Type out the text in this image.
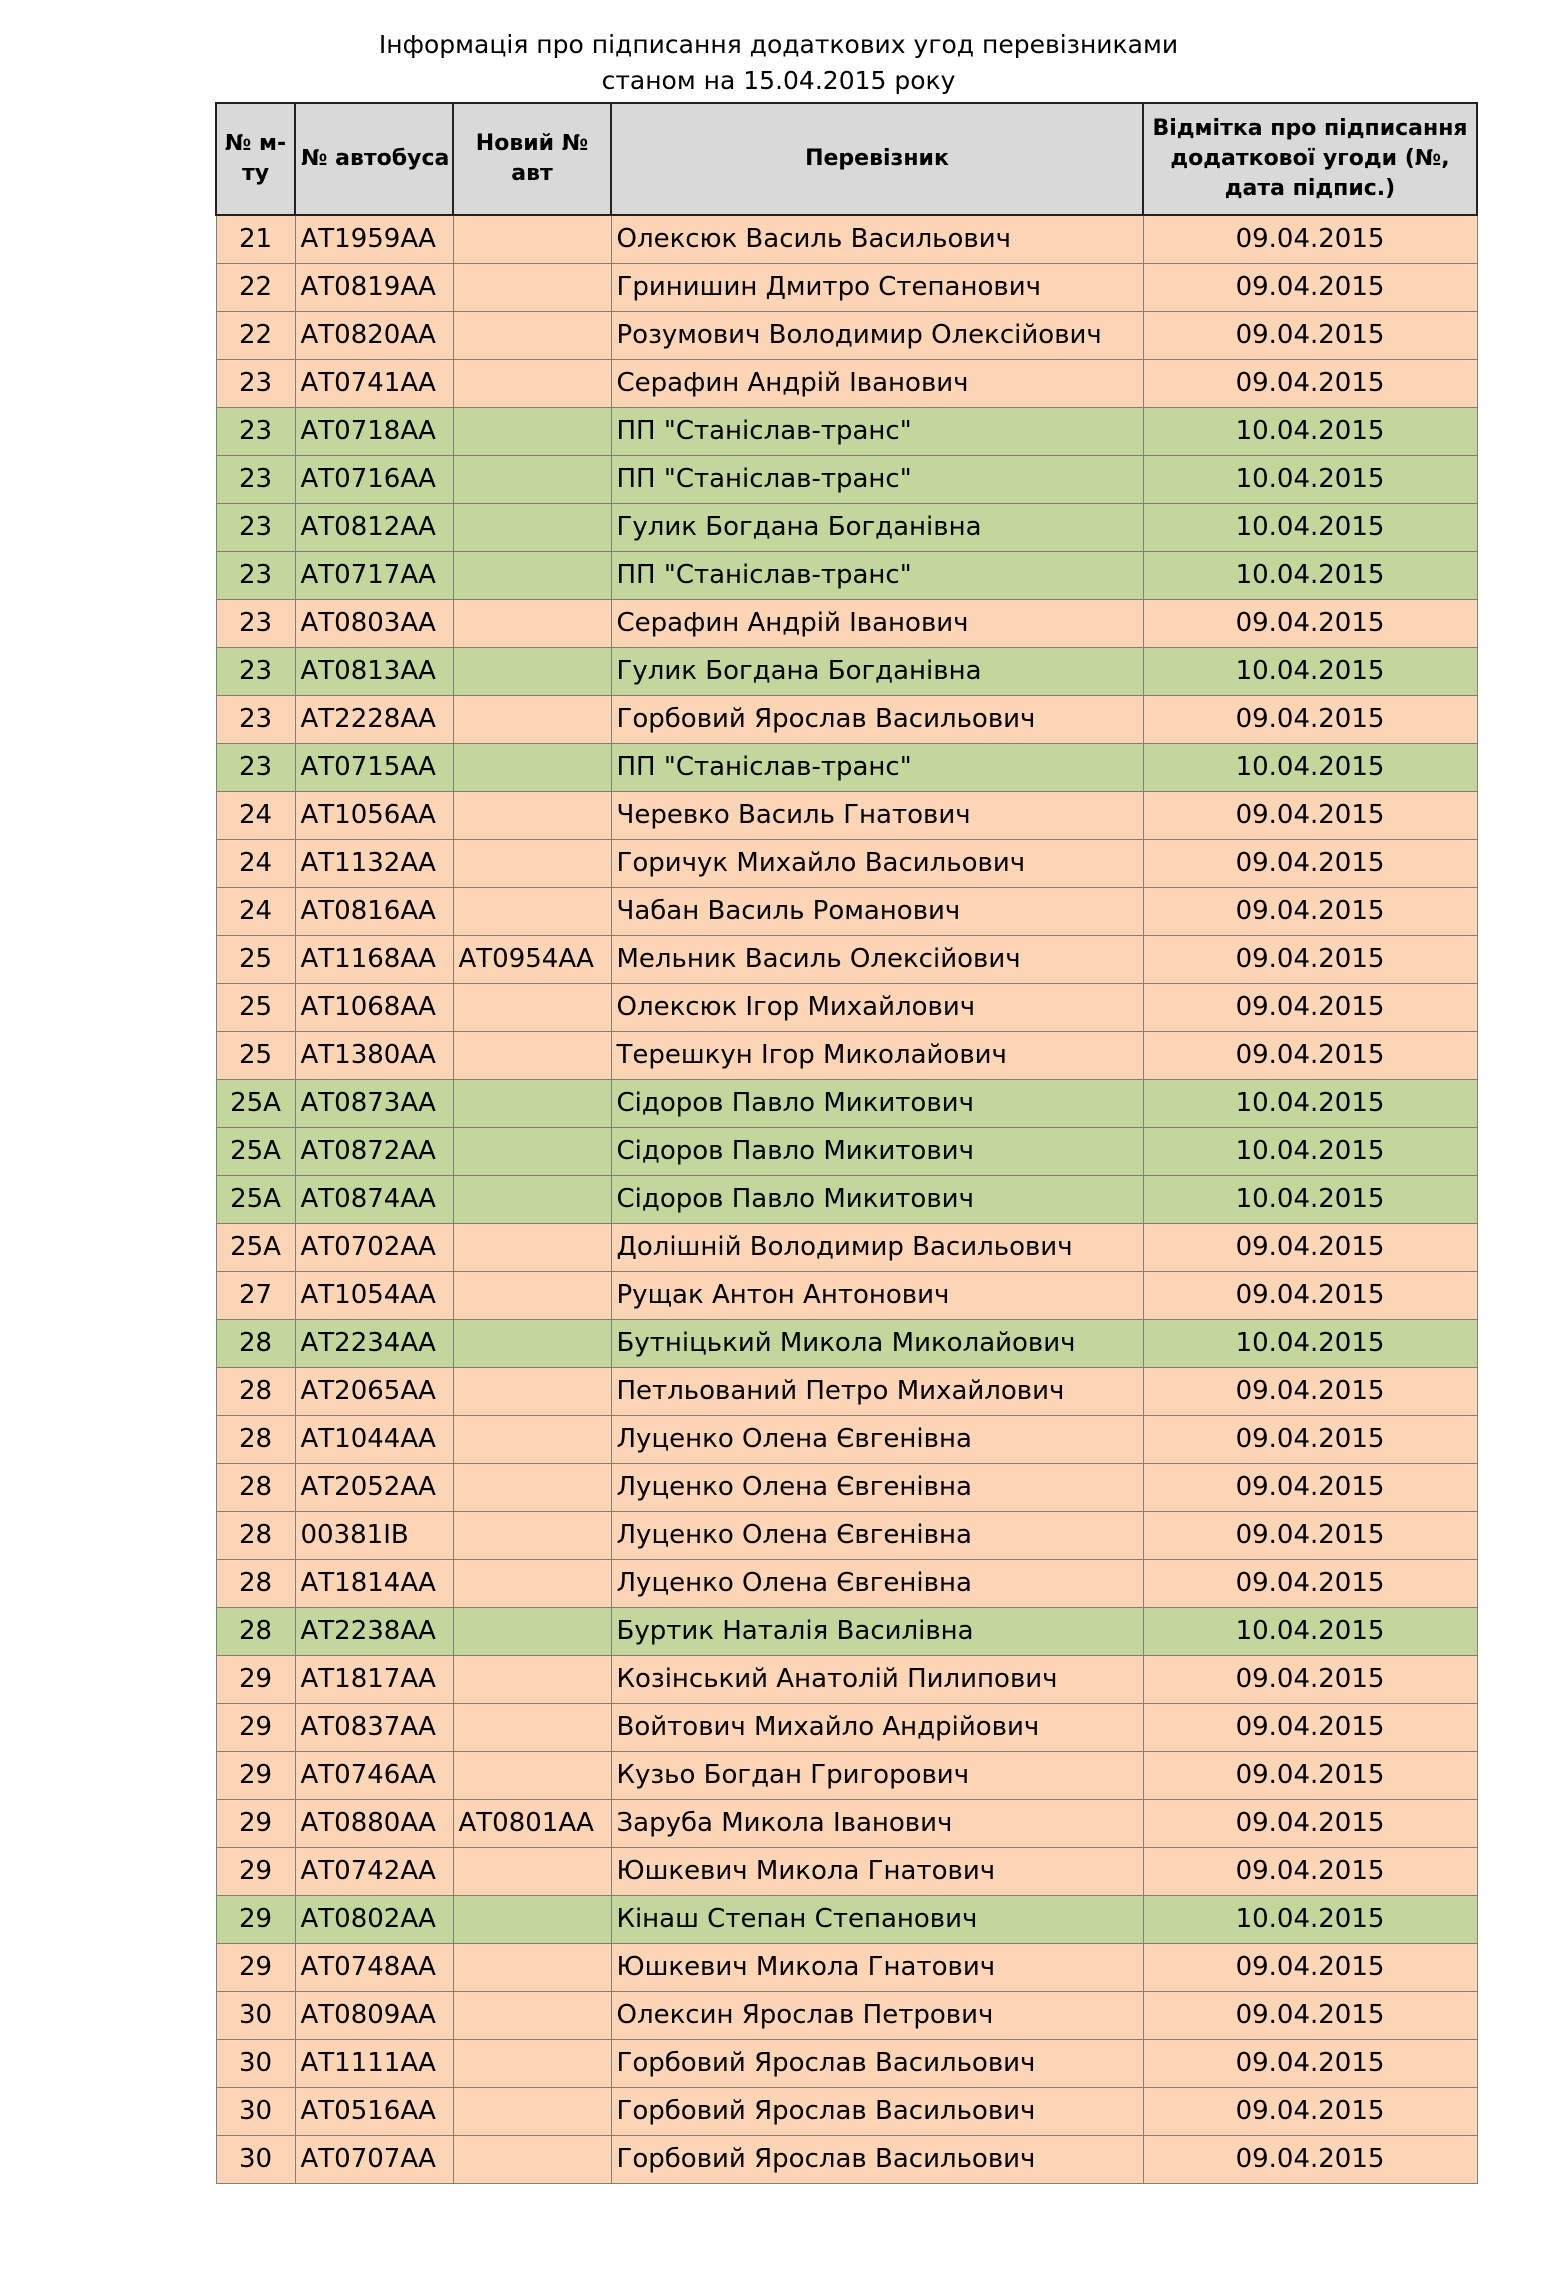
Інформація про підписання додаткових угод перевізниками
станом на 15.04.2015 року
№ м-ту	№ автобуса	Новий № авт	Перевізник	Відмітка про підписання додаткової угоди (№, дата підпис.)
21	АТ1959АА		Олексюк Василь Васильович	09.04.2015
22	АТ0819АА		Гринишин Дмитро Степанович	09.04.2015
22	АТ0820АА		Розумович Володимир Олексійович	09.04.2015
23	АТ0741АА		Серафин Андрій Іванович	09.04.2015
23	АТ0718АА		ПП "Станіслав-транс"	10.04.2015
23	АТ0716АА		ПП "Станіслав-транс"	10.04.2015
23	АТ0812АА		Гулик Богдана Богданівна	10.04.2015
23	АТ0717АА		ПП "Станіслав-транс"	10.04.2015
23	АТ0803АА		Серафин Андрій Іванович	09.04.2015
23	АТ0813АА		Гулик Богдана Богданівна	10.04.2015
23	АТ2228АА		Горбовий Ярослав Васильович	09.04.2015
23	АТ0715АА		ПП "Станіслав-транс"	10.04.2015
24	АТ1056АА		Черевко Василь Гнатович	09.04.2015
24	АТ1132АА		Горичук Михайло Васильович	09.04.2015
24	АТ0816АА		Чабан Василь Романович	09.04.2015
25	АТ1168АА	АТ0954АА	Мельник Василь Олексійович	09.04.2015
25	АТ1068АА		Олексюк Ігор Михайлович	09.04.2015
25	АТ1380АА		Терешкун Ігор Миколайович	09.04.2015
25А	АТ0873АА		Сідоров Павло Микитович	10.04.2015
25А	АТ0872АА		Сідоров Павло Микитович	10.04.2015
25А	АТ0874АА		Сідоров Павло Микитович	10.04.2015
25А	АТ0702АА		Долішній Володимир Васильович	09.04.2015
27	АТ1054АА		Рущак Антон Антонович	09.04.2015
28	АТ2234АА		Бутніцький Микола Миколайович	10.04.2015
28	АТ2065АА		Петльований Петро Михайлович	09.04.2015
28	АТ1044АА		Луценко Олена Євгенівна	09.04.2015
28	АТ2052АА		Луценко Олена Євгенівна	09.04.2015
28	00381ІВ		Луценко Олена Євгенівна	09.04.2015
28	АТ1814АА		Луценко Олена Євгенівна	09.04.2015
28	АТ2238АА		Буртик Наталія Василівна	10.04.2015
29	АТ1817АА		Козінський Анатолій Пилипович	09.04.2015
29	АТ0837АА		Войтович Михайло Андрійович	09.04.2015
29	АТ0746АА		Кузьо Богдан Григорович	09.04.2015
29	АТ0880АА	АТ0801АА	Заруба Микола Іванович	09.04.2015
29	АТ0742АА		Юшкевич Микола Гнатович	09.04.2015
29	АТ0802АА		Кінаш Степан Степанович	10.04.2015
29	АТ0748АА		Юшкевич Микола Гнатович	09.04.2015
30	АТ0809АА		Олексин Ярослав Петрович	09.04.2015
30	АТ1111АА		Горбовий Ярослав Васильович	09.04.2015
30	АТ0516АА		Горбовий Ярослав Васильович	09.04.2015
30	АТ0707АА		Горбовий Ярослав Васильович	09.04.2015
